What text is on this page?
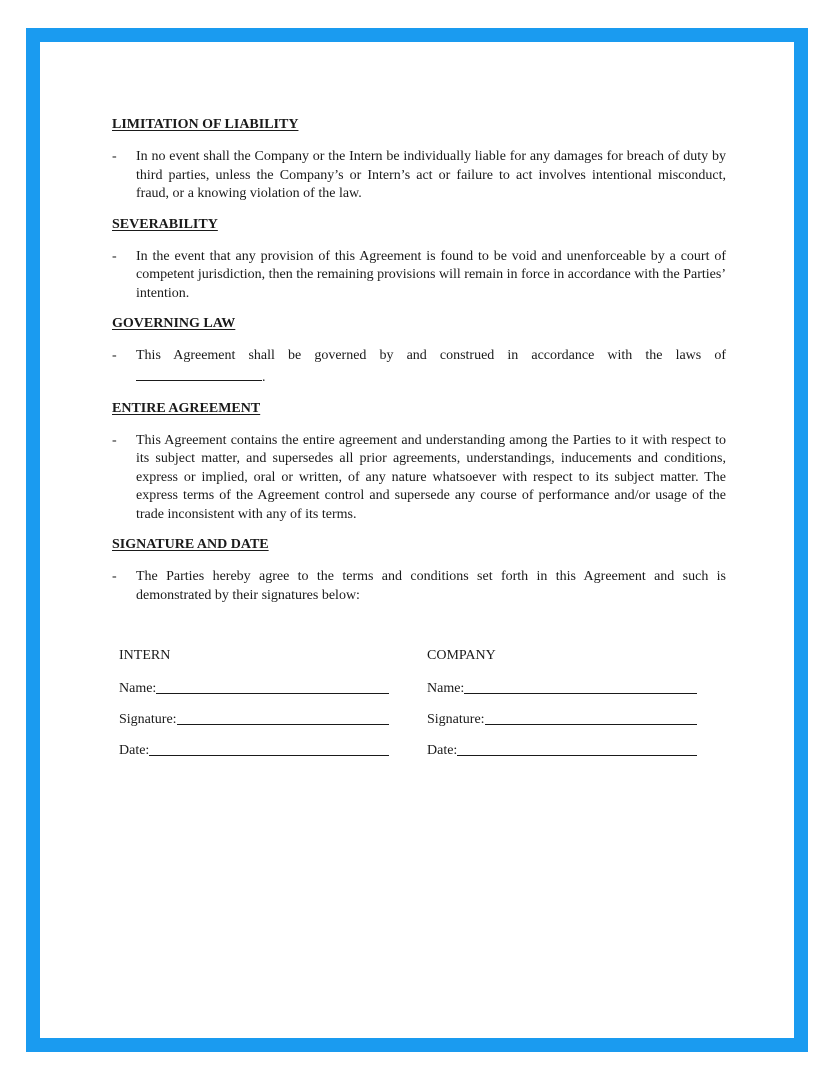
LIMITATION OF LIABILITY
-	In no event shall the Company or the Intern be individually liable for any damages for breach of duty by third parties, unless the Company’s or Intern’s act or failure to act involves intentional misconduct, fraud, or a knowing violation of the law.

SEVERABILITY
-	In the event that any provision of this Agreement is found to be void and unenforceable by a court of competent jurisdiction, then the remaining provisions will remain in force in accordance with the Parties’ intention.

GOVERNING LAW
-	This Agreement shall be governed by and construed in accordance with the laws of

.
ENTIRE AGREEMENT
-	This Agreement contains the entire agreement and understanding among the Parties to it with respect to its subject matter, and supersedes all prior agreements, understandings, inducements and conditions, express or implied, oral or written, of any nature whatsoever with respect to its subject matter. The express terms of the Agreement control and supersede any course of performance and/or usage of the trade inconsistent with any of its terms.

SIGNATURE AND DATE
-	The Parties hereby agree to the terms and conditions set forth in this Agreement and such is demonstrated by their signatures below:

INTERN
Name:
Signature:
Date:
COMPANY
Name:
Signature:
Date:
